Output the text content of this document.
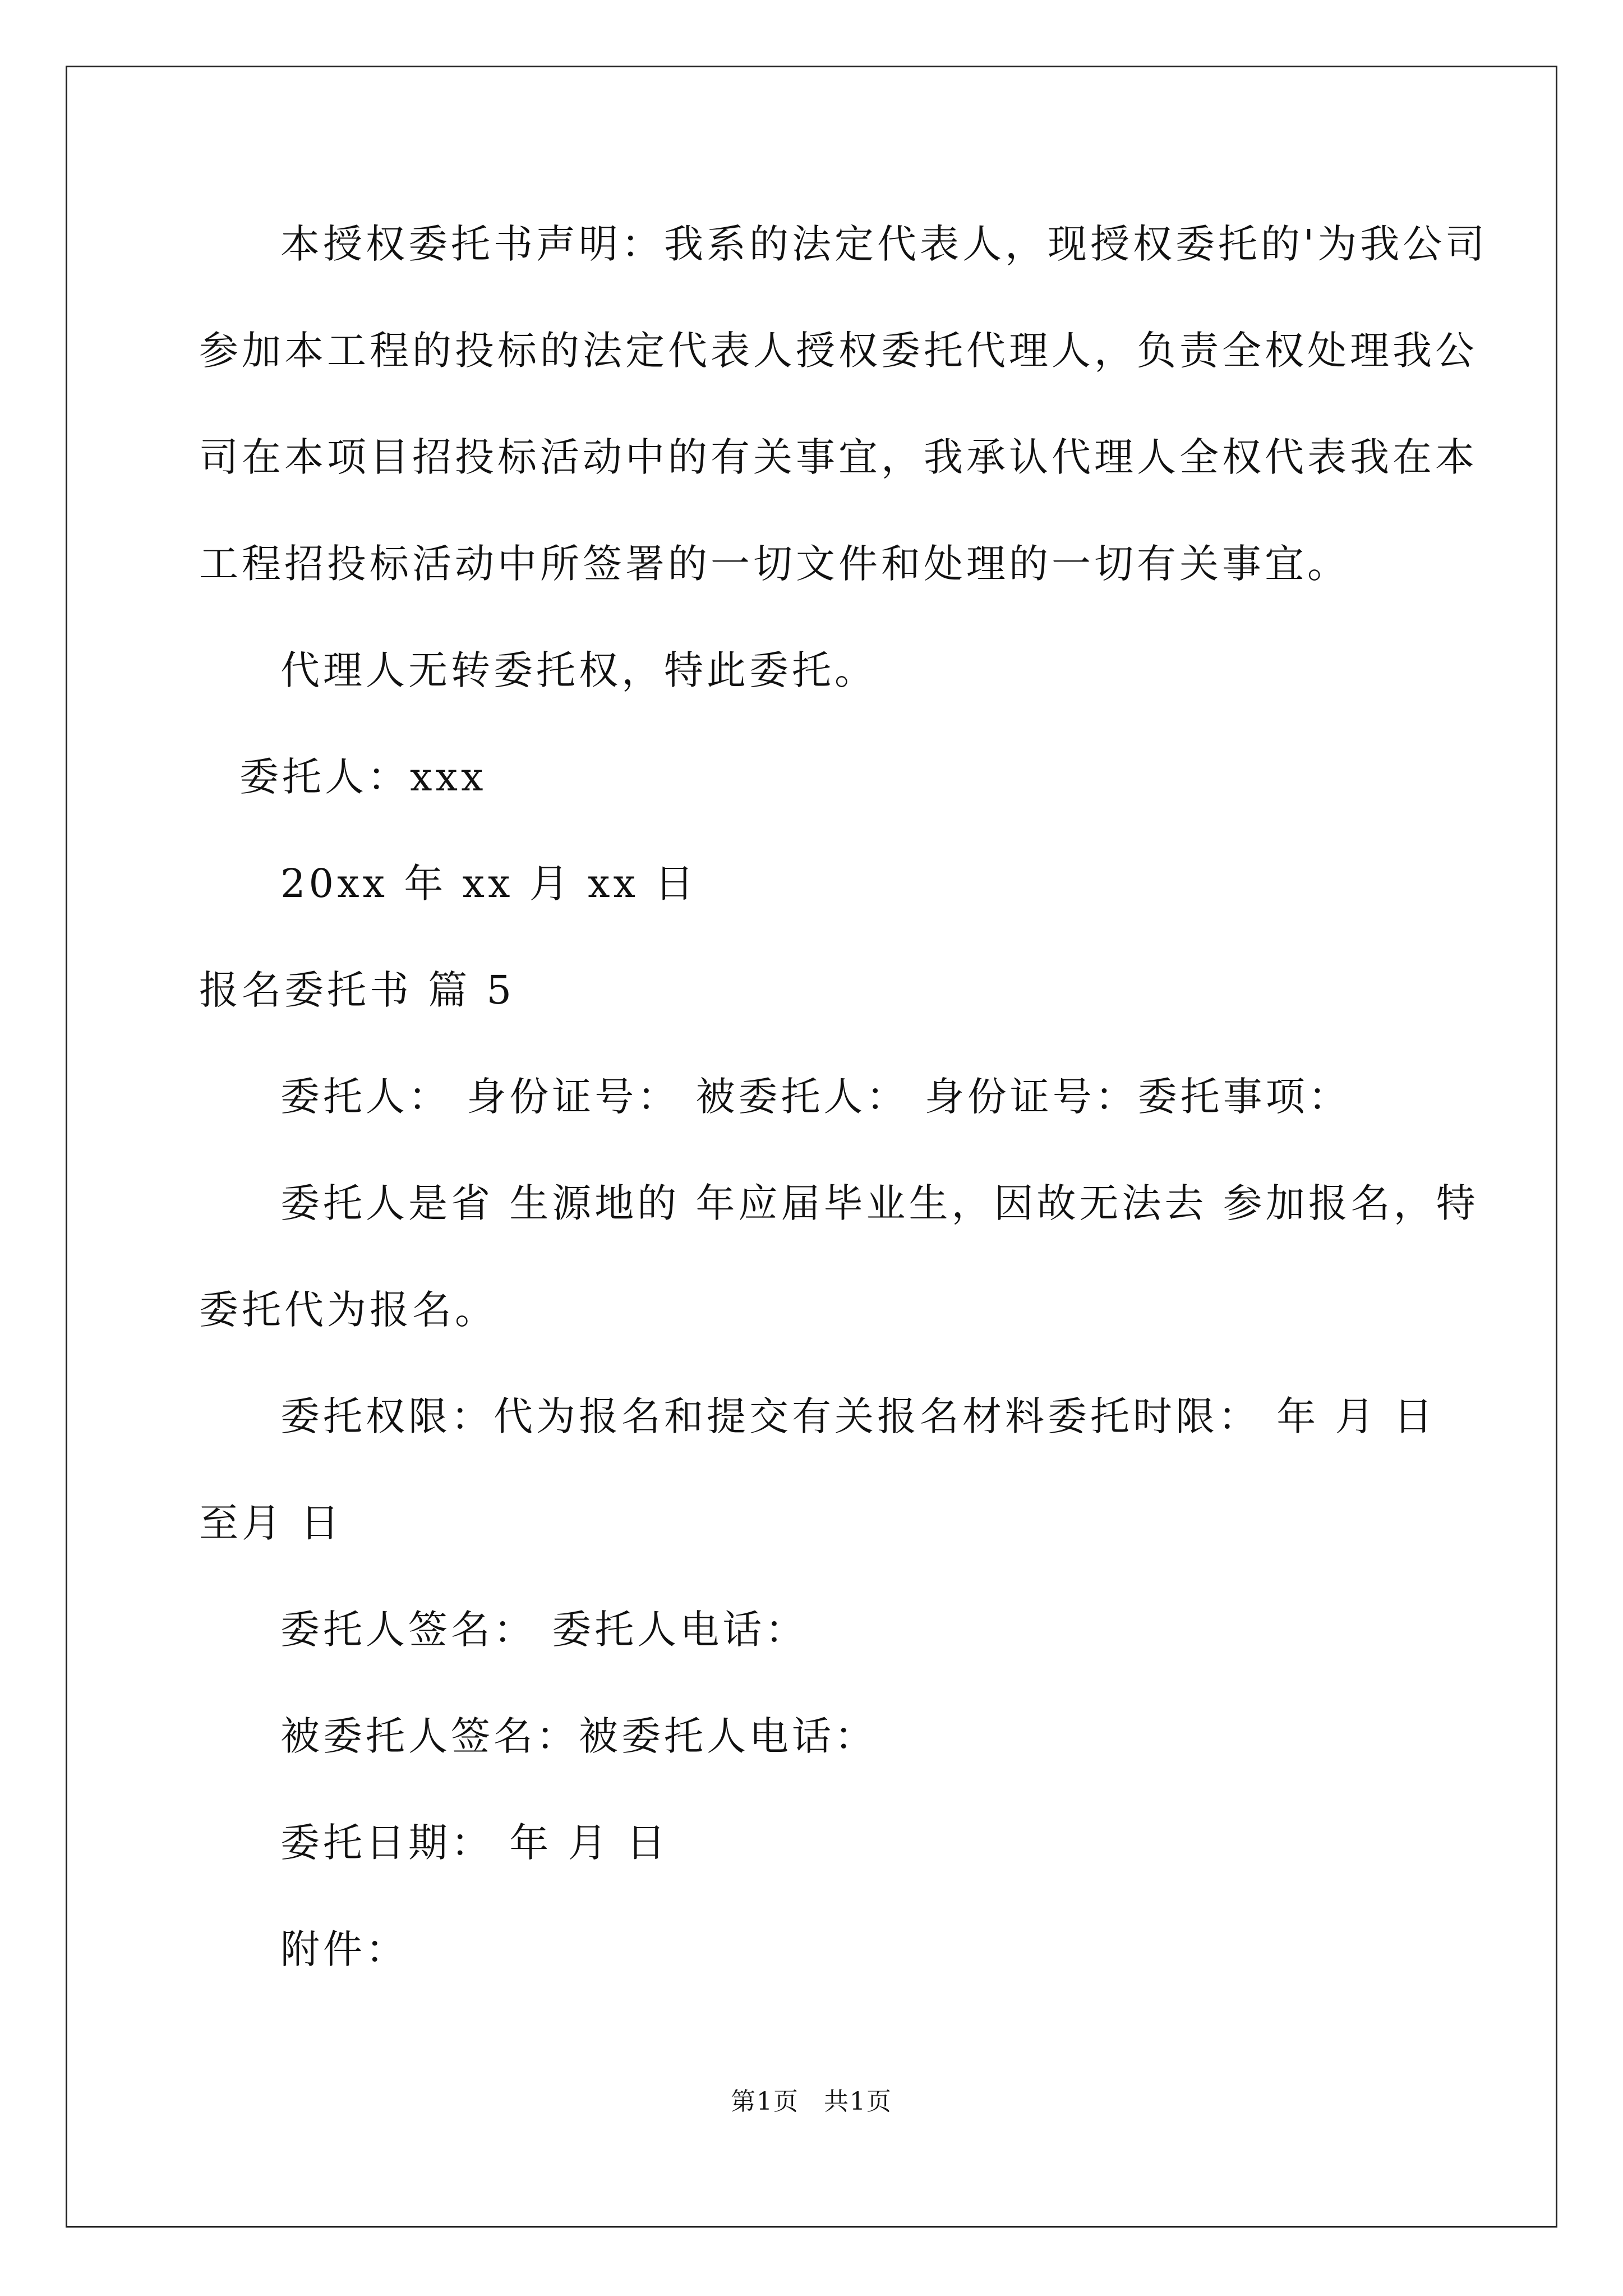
本授权委托书声明：我系的法定代表人，现授权委托的'为我公司
参加本工程的投标的法定代表人授权委托代理人，负责全权处理我公
司在本项目招投标活动中的有关事宜，我承认代理人全权代表我在本
工程招投标活动中所签署的一切文件和处理的一切有关事宜。
代理人无转委托权，特此委托。
委托人：xxx
20xx 年 xx 月 xx 日
报名委托书 篇 5
委托人： 身份证号： 被委托人： 身份证号：委托事项：
委托人是省 生源地的 年应届毕业生，因故无法去 参加报名，特
委托代为报名。
委托权限：代为报名和提交有关报名材料委托时限： 年 月 日
至月 日
委托人签名： 委托人电话：
被委托人签名：被委托人电话：
委托日期： 年 月 日
附件：
第1页 共1页
